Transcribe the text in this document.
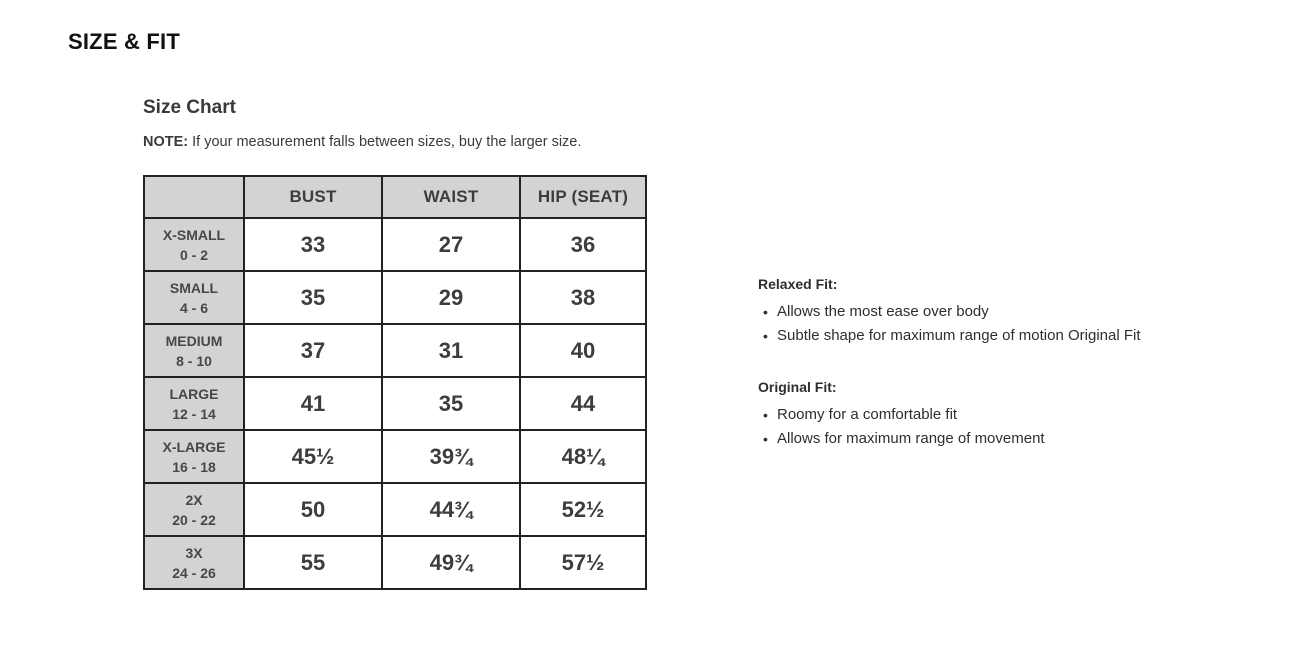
SIZE & FIT
Size Chart

NOTE: If your measurement falls between sizes, buy the larger size.

	BUST	WAIST	HIP (SEAT)

X-SMALL
0 - 2	33	27	36

SMALL
4 - 6	35	29	38

MEDIUM
8 - 10	37	31	40

LARGE
12 - 14	41	35	44

X-LARGE
16 - 18	45½	39¾	48¼

2X
20 - 22	50	44¾	52½

3X
24 - 26	55	49¾	57½
Relaxed Fit:
• Allows the most ease over body
• Subtle shape for maximum range of motion Original Fit
Original Fit:
• Roomy for a comfortable fit
• Allows for maximum range of movement
